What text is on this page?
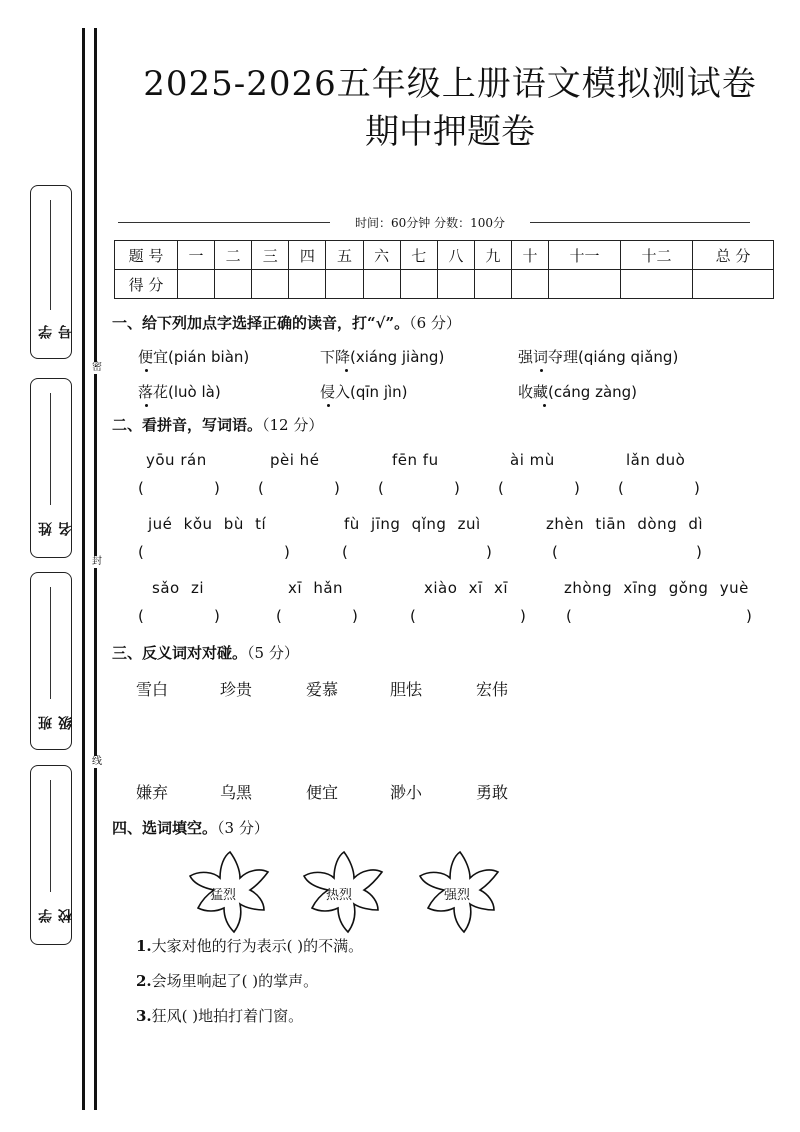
学 号
姓 名
班 级
学 校
密
封
线
2025-2026五年级上册语文模拟测试卷
期中押题卷
时间：60分钟 分数：100分
题 号	一	二	三	四	五	六	七	八	九	十	十一	十二	总 分
得 分													
一、给下列加点字选择正确的读音，打“√”。（6 分）
便宜(pián biàn)	下降(xiáng jiàng)	强词夺理(qiáng qiǎng)
落花(luò là)	侵入(qīn jìn)	收藏(cáng zàng)
二、看拼音，写词语。（12 分）
yōu rán	pèi hé	fēn fu	ài mù	lǎn duò
(	)	(	)	(	)	(	)	(	)
jué kǒu bù tí	fù jīng qǐng zuì	zhèn tiān dòng dì
(	)	(	)	(	)
sǎo zi	xī hǎn	xiào xī xī	zhòng xīng gǒng yuè
(	)	(	)	(	)	(	)
三、反义词对对碰。（5 分）
雪白	珍贵	爱慕	胆怯	宏伟
嫌弃	乌黑	便宜	渺小	勇敢
四、选词填空。（3 分）
猛烈	热烈	强烈
1.大家对他的行为表示( )的不满。
2.会场里响起了( )的掌声。
3.狂风( )地拍打着门窗。
